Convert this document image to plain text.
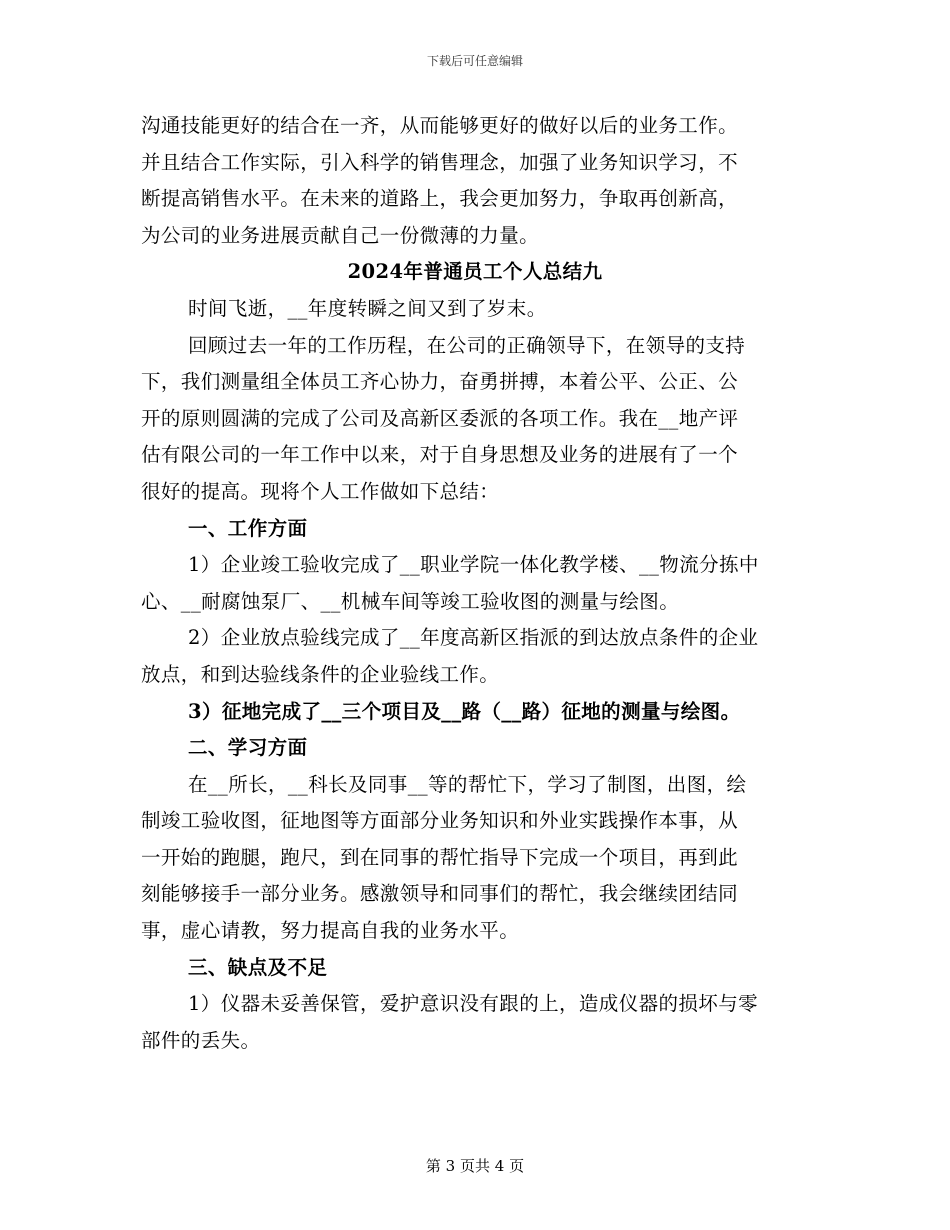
下载后可任意编辑

沟通技能更好的结合在一齐，从而能够更好的做好以后的业务工作。

并且结合工作实际，引入科学的销售理念，加强了业务知识学习，不

断提高销售水平。在未来的道路上，我会更加努力，争取再创新高，

为公司的业务进展贡献自己一份微薄的力量。

2024年普通员工个人总结九

时间飞逝，__年度转瞬之间又到了岁末。

回顾过去一年的工作历程，在公司的正确领导下，在领导的支持

下，我们测量组全体员工齐心协力，奋勇拼搏，本着公平、公正、公

开的原则圆满的完成了公司及高新区委派的各项工作。我在__地产评

估有限公司的一年工作中以来，对于自身思想及业务的进展有了一个

很好的提高。现将个人工作做如下总结：

一、工作方面

1）企业竣工验收完成了__职业学院一体化教学楼、__物流分拣中

心、__耐腐蚀泵厂、__机械车间等竣工验收图的测量与绘图。

2）企业放点验线完成了__年度高新区指派的到达放点条件的企业

放点，和到达验线条件的企业验线工作。

3）征地完成了__三个项目及__路（__路）征地的测量与绘图。

二、学习方面

在__所长，__科长及同事__等的帮忙下，学习了制图，出图，绘

制竣工验收图，征地图等方面部分业务知识和外业实践操作本事，从

一开始的跑腿，跑尺，到在同事的帮忙指导下完成一个项目，再到此

刻能够接手一部分业务。感激领导和同事们的帮忙，我会继续团结同

事，虚心请教，努力提高自我的业务水平。

三、缺点及不足

1）仪器未妥善保管，爱护意识没有跟的上，造成仪器的损坏与零

部件的丢失。

第 3 页共 4 页
